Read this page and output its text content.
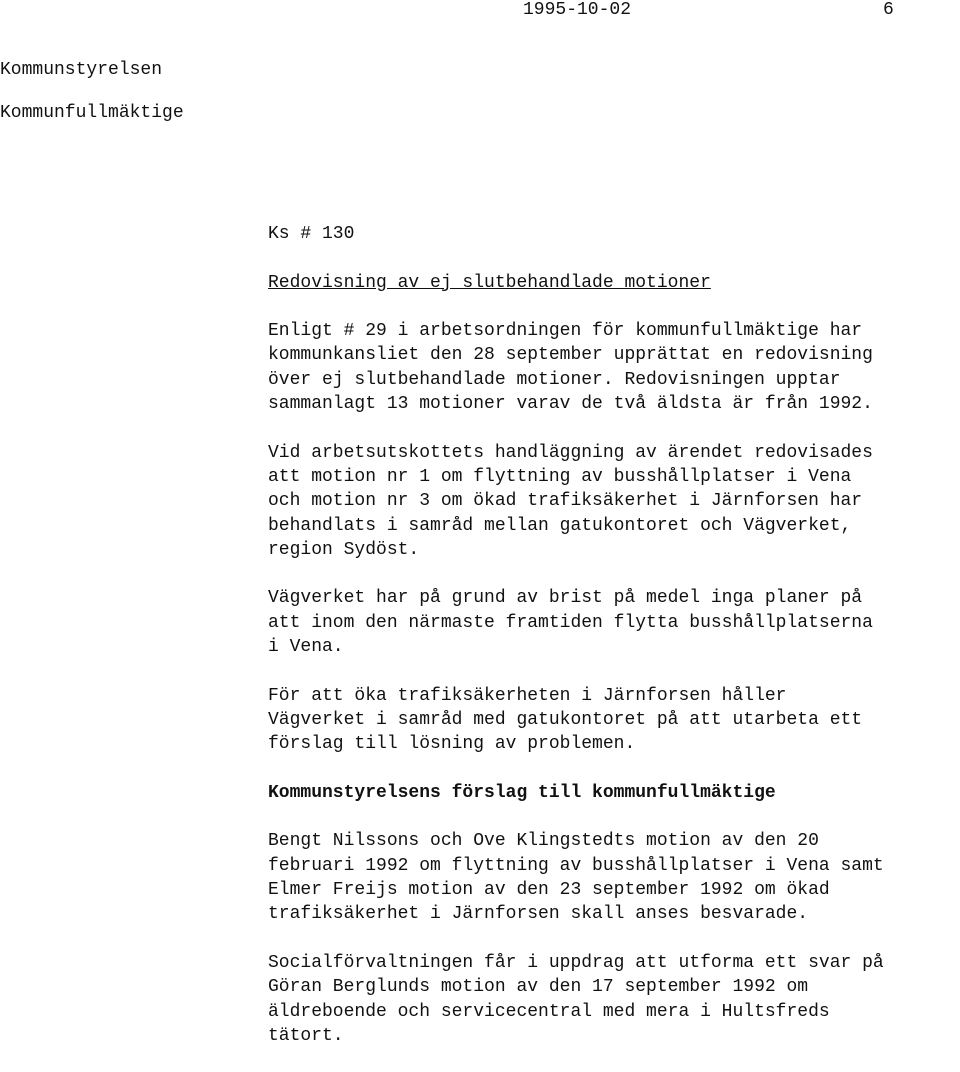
1995-10-02	6
Kommunstyrelsen
Kommunfullmäktige

Ks # 130

Redovisning av ej slutbehandlade motioner

Enligt # 29 i arbetsordningen för kommunfullmäktige har
kommunkansliet den 28 september upprättat en redovisning
över ej slutbehandlade motioner. Redovisningen upptar
sammanlagt 13 motioner varav de två äldsta är från 1992.

Vid arbetsutskottets handläggning av ärendet redovisades
att motion nr 1 om flyttning av busshållplatser i Vena
och motion nr 3 om ökad trafiksäkerhet i Järnforsen har
behandlats i samråd mellan gatukontoret och Vägverket,
region Sydöst.

Vägverket har på grund av brist på medel inga planer på
att inom den närmaste framtiden flytta busshållplatserna
i Vena.

För att öka trafiksäkerheten i Järnforsen håller
Vägverket i samråd med gatukontoret på att utarbeta ett
förslag till lösning av problemen.

Kommunstyrelsens förslag till kommunfullmäktige

Bengt Nilssons och Ove Klingstedts motion av den 20
februari 1992 om flyttning av busshållplatser i Vena samt
Elmer Freijs motion av den 23 september 1992 om ökad
trafiksäkerhet i Järnforsen skall anses besvarade.

Socialförvaltningen får i uppdrag att utforma ett svar på
Göran Berglunds motion av den 17 september 1992 om
äldreboende och servicecentral med mera i Hultsfreds
tätort.
